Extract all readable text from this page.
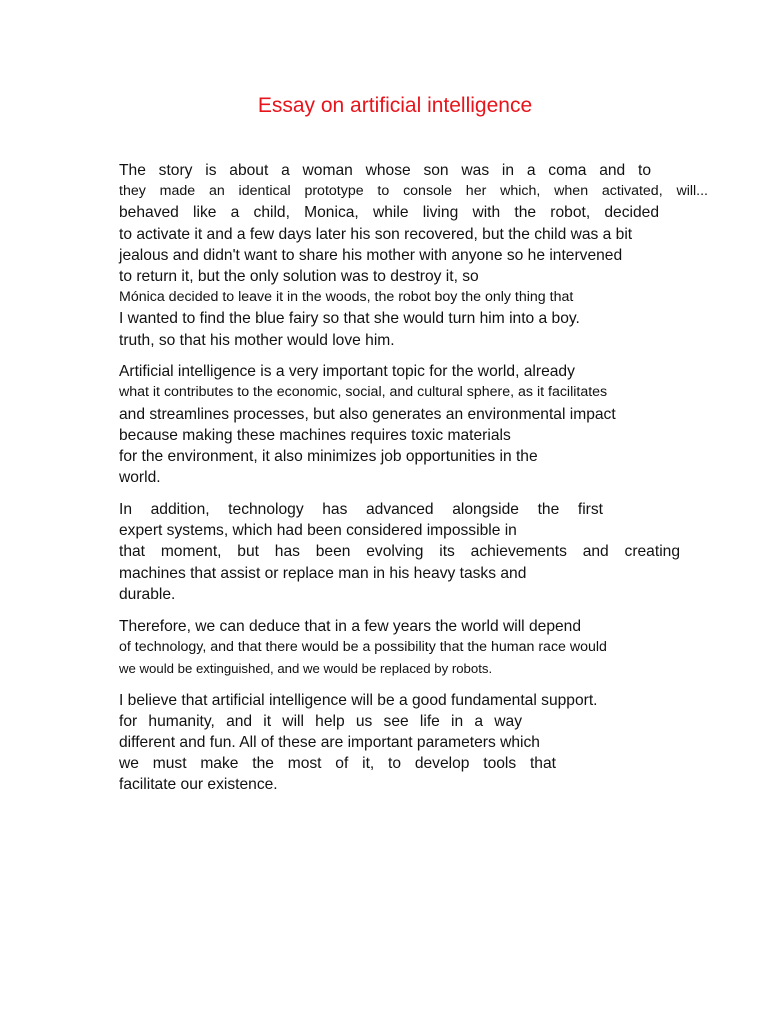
Essay on artificial intelligence
The story is about a woman whose son was in a coma and to
they made an identical prototype to console her which, when activated, will...
behaved like a child, Monica, while living with the robot, decided
to activate it and a few days later his son recovered, but the child was a bit
jealous and didn't want to share his mother with anyone so he intervened
to return it, but the only solution was to destroy it, so
Mónica decided to leave it in the woods, the robot boy the only thing that
I wanted to find the blue fairy so that she would turn him into a boy.
truth, so that his mother would love him.
Artificial intelligence is a very important topic for the world, already
what it contributes to the economic, social, and cultural sphere, as it facilitates
and streamlines processes, but also generates an environmental impact
because making these machines requires toxic materials
for the environment, it also minimizes job opportunities in the
world.
In addition, technology has advanced alongside the first
expert systems, which had been considered impossible in
that moment, but has been evolving its achievements and creating
machines that assist or replace man in his heavy tasks and
durable.
Therefore, we can deduce that in a few years the world will depend
of technology, and that there would be a possibility that the human race would
we would be extinguished, and we would be replaced by robots.
I believe that artificial intelligence will be a good fundamental support.
for humanity, and it will help us see life in a way
different and fun. All of these are important parameters which
we must make the most of it, to develop tools that
facilitate our existence.
